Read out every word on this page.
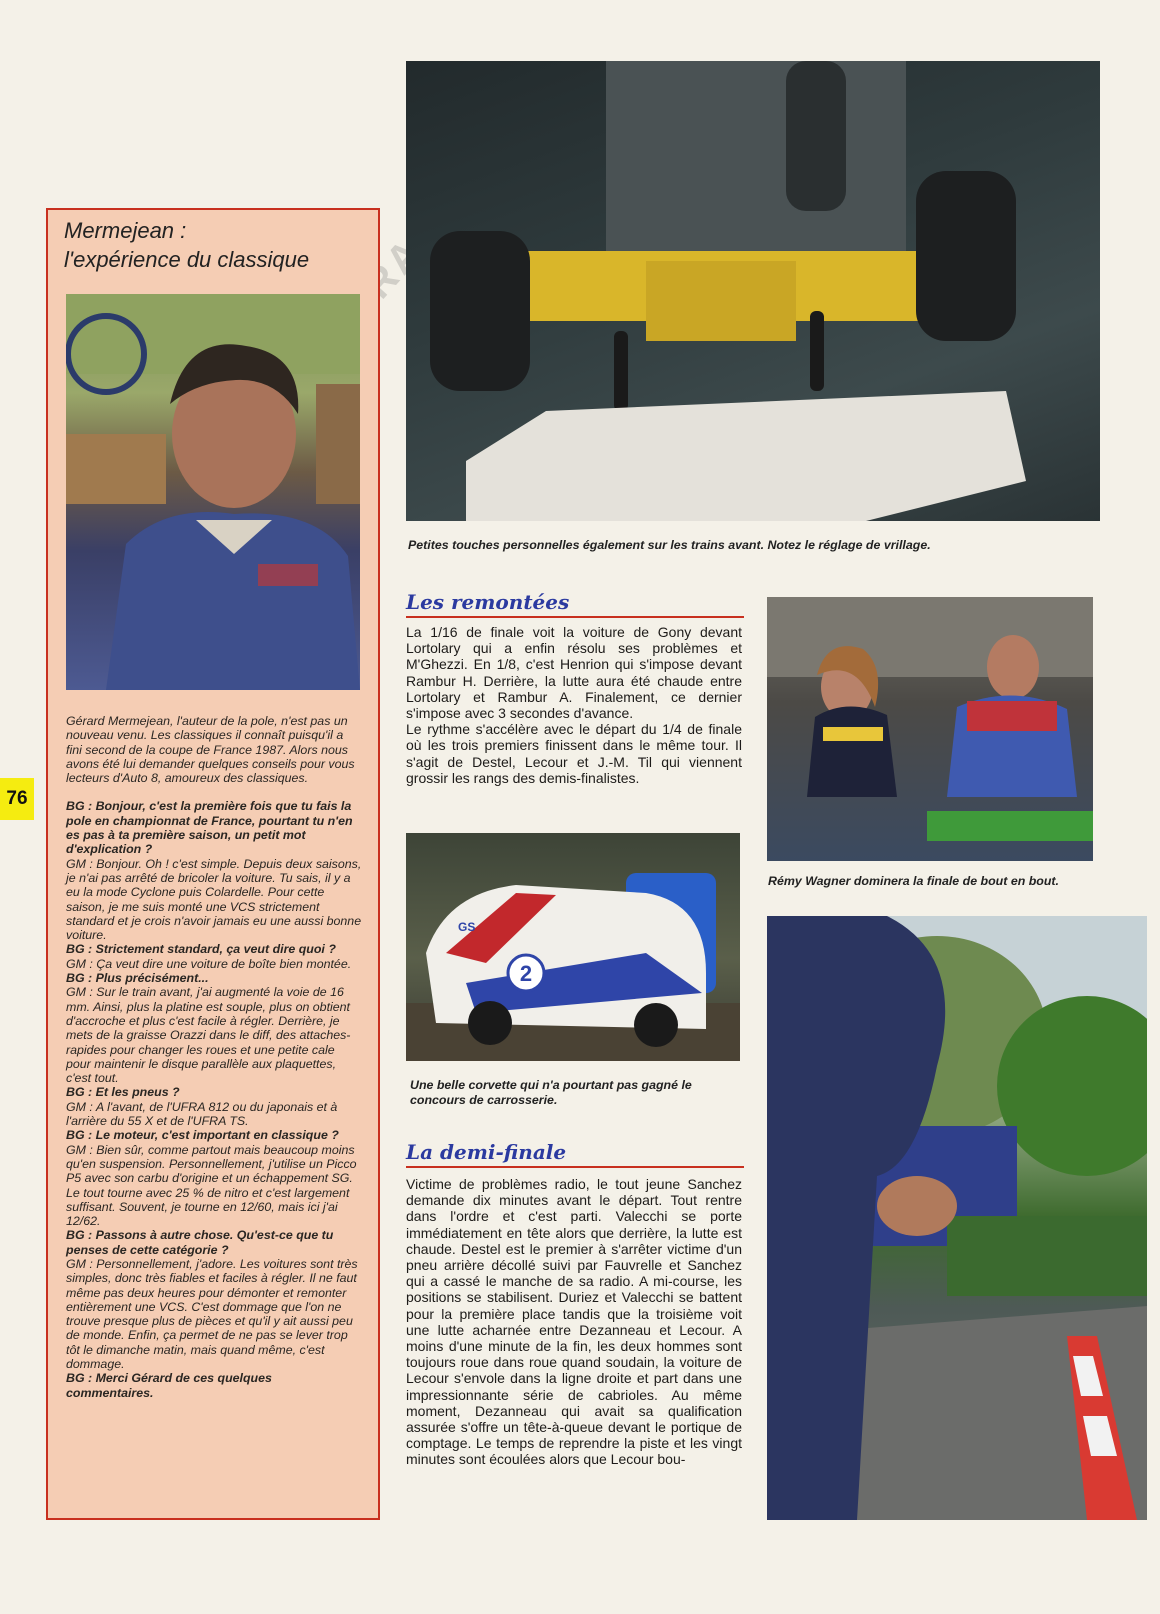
76
Mermejean :
l'expérience du classique

Gérard Mermejean, l'auteur de la pole, n'est pas un nouveau venu. Les classiques il connaît puisqu'il a fini second de la coupe de France 1987. Alors nous avons été lui demander quelques conseils pour vous lecteurs d'Auto 8, amoureux des classiques.

BG : Bonjour, c'est la première fois que tu fais la pole en championnat de France, pourtant tu n'en es pas à ta première saison, un petit mot d'explication ?

GM : Bonjour. Oh ! c'est simple. Depuis deux saisons, je n'ai pas arrêté de bricoler la voiture. Tu sais, il y a eu la mode Cyclone puis Colardelle. Pour cette saison, je me suis monté une VCS strictement standard et je crois n'avoir jamais eu une aussi bonne voiture.

BG : Strictement standard, ça veut dire quoi ?

GM : Ça veut dire une voiture de boîte bien montée.

BG : Plus précisément...

GM : Sur le train avant, j'ai augmenté la voie de 16 mm. Ainsi, plus la platine est souple, plus on obtient d'accroche et plus c'est facile à régler. Derrière, je mets de la graisse Orazzi dans le diff, des attaches-rapides pour changer les roues et une petite cale pour maintenir le disque parallèle aux plaquettes, c'est tout.

BG : Et les pneus ?

GM : A l'avant, de l'UFRA 812 ou du japonais et à l'arrière du 55 X et de l'UFRA TS.

BG : Le moteur, c'est important en classique ?

GM : Bien sûr, comme partout mais beaucoup moins qu'en suspension. Personnellement, j'utilise un Picco P5 avec son carbu d'origine et un échappement SG. Le tout tourne avec 25 % de nitro et c'est largement suffisant. Souvent, je tourne en 12/60, mais ici j'ai 12/62.

BG : Passons à autre chose. Qu'est-ce que tu penses de cette catégorie ?

GM : Personnellement, j'adore. Les voitures sont très simples, donc très fiables et faciles à régler. Il ne faut même pas deux heures pour démonter et remonter entièrement une VCS. C'est dommage que l'on ne trouve presque plus de pièces et qu'il y ait aussi peu de monde. Enfin, ça permet de ne pas se lever trop tôt le dimanche matin, mais quand même, c'est dommage.

BG : Merci Gérard de ces quelques commentaires.

Petites touches personnelles également sur les trains avant. Notez le réglage de vrillage.
Les remontées

La 1/16 de finale voit la voiture de Gony devant Lortolary qui a enfin résolu ses problèmes et M'Ghezzi. En 1/8, c'est Henrion qui s'impose devant Rambur H. Derrière, la lutte aura été chaude entre Lortolary et Rambur A. Finalement, ce dernier s'impose avec 3 secondes d'avance.

Le rythme s'accélère avec le départ du 1/4 de finale où les trois premiers finissent dans le même tour. Il s'agit de Destel, Lecour et J.-M. Til qui viennent grossir les rangs des demis-finalistes.

Rémy Wagner dominera la finale de bout en bout.
2
GS
Une belle corvette qui n'a pourtant pas gagné le concours de carrosserie.
La demi-finale

Victime de problèmes radio, le tout jeune Sanchez demande dix minutes avant le départ. Tout rentre dans l'ordre et c'est parti. Valecchi se porte immédiatement en tête alors que derrière, la lutte est chaude. Destel est le premier à s'arrêter victime d'un pneu arrière décollé suivi par Fauvrelle et Sanchez qui a cassé le manche de sa radio. A mi-course, les positions se stabilisent. Duriez et Valecchi se battent pour la première place tandis que la troisième voit une lutte acharnée entre Dezanneau et Lecour. A moins d'une minute de la fin, les deux hommes sont toujours roue dans roue quand soudain, la voiture de Lecour s'envole dans la ligne droite et part dans une impressionnante série de cabrioles. Au même moment, Dezanneau qui avait sa qualification assurée s'offre un tête-à-queue devant le portique de comptage. Le temps de reprendre la piste et les vingt minutes sont écoulées alors que Lecour bou-
